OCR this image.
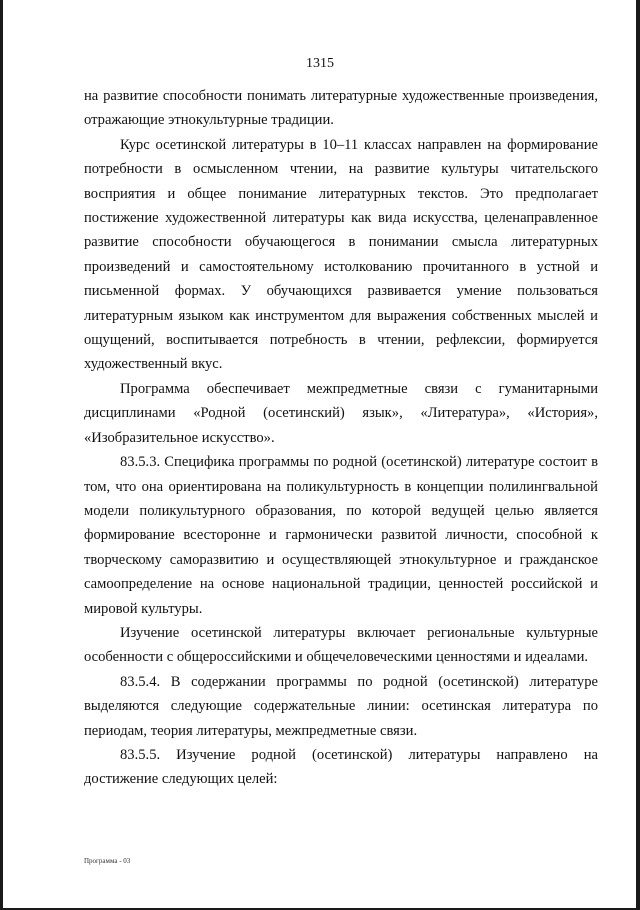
1315

на развитие способности понимать литературные художественные произведения, отражающие этнокультурные традиции.

Курс осетинской литературы в 10–11 классах направлен на формирование потребности в осмысленном чтении, на развитие культуры читательского восприятия и общее понимание литературных текстов. Это предполагает постижение художественной литературы как вида искусства, целенаправленное развитие способности обучающегося в понимании смысла литературных произведений и самостоятельному истолкованию прочитанного в устной и письменной формах. У обучающихся развивается умение пользоваться литературным языком как инструментом для выражения собственных мыслей и ощущений, воспитывается потребность в чтении, рефлексии, формируется художественный вкус.

Программа обеспечивает межпредметные связи с гуманитарными дисциплинами «Родной (осетинский) язык», «Литература», «История», «Изобразительное искусство».

83.5.3. Специфика программы по родной (осетинской) литературе состоит в том, что она ориентирована на поликультурность в концепции полилингвальной модели поликультурного образования, по которой ведущей целью является формирование всесторонне и гармонически развитой личности, способной к творческому саморазвитию и осуществляющей этнокультурное и гражданское самоопределение на основе национальной традиции, ценностей российской и мировой культуры.

Изучение осетинской литературы включает региональные культурные особенности с общероссийскими и общечеловеческими ценностями и идеалами.

83.5.4. В содержании программы по родной (осетинской) литературе выделяются следующие содержательные линии: осетинская литература по периодам, теория литературы, межпредметные связи.

83.5.5. Изучение родной (осетинской) литературы направлено на достижение следующих целей:

Программа - 03
